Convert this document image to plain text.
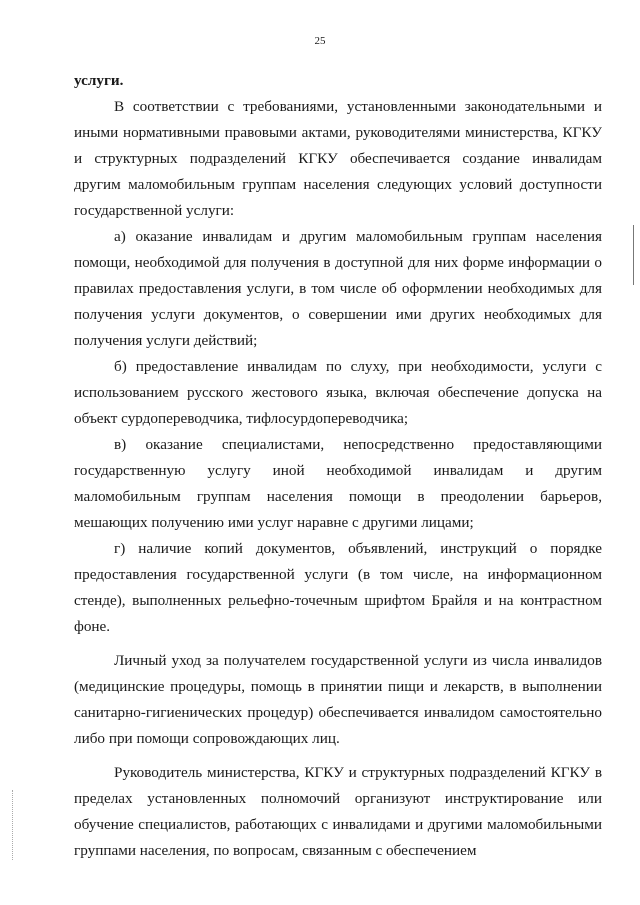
25

услуги.

В соответствии с требованиями, установленными законодательными и иными нормативными правовыми актами, руководителями министерства, КГКУ и структурных подразделений КГКУ обеспечивается создание инвалидам другим маломобильным группам населения следующих условий доступности государственной услуги:

а) оказание инвалидам и другим маломобильным группам населения помощи, необходимой для получения в доступной для них форме информации о правилах предоставления услуги, в том числе об оформлении необходимых для получения услуги документов, о совершении ими других необходимых для получения услуги действий;

б) предоставление инвалидам по слуху, при необходимости, услуги с использованием русского жестового языка, включая обеспечение допуска на объект сурдопереводчика, тифлосурдопереводчика;

в) оказание специалистами, непосредственно предоставляющими государственную услугу иной необходимой инвалидам и другим маломобильным группам населения помощи в преодолении барьеров, мешающих получению ими услуг наравне с другими лицами;

г) наличие копий документов, объявлений, инструкций о порядке предоставления государственной услуги (в том числе, на информационном стенде), выполненных рельефно-точечным шрифтом Брайля и на контрастном фоне.

Личный уход за получателем государственной услуги из числа инвалидов (медицинские процедуры, помощь в принятии пищи и лекарств, в выполнении санитарно-гигиенических процедур) обеспечивается инвалидом самостоятельно либо при помощи сопровождающих лиц.

Руководитель министерства, КГКУ и структурных подразделений КГКУ в пределах установленных полномочий организуют инструктирование или обучение специалистов, работающих с инвалидами и другими маломобильными группами населения, по вопросам, связанным с обеспечением
